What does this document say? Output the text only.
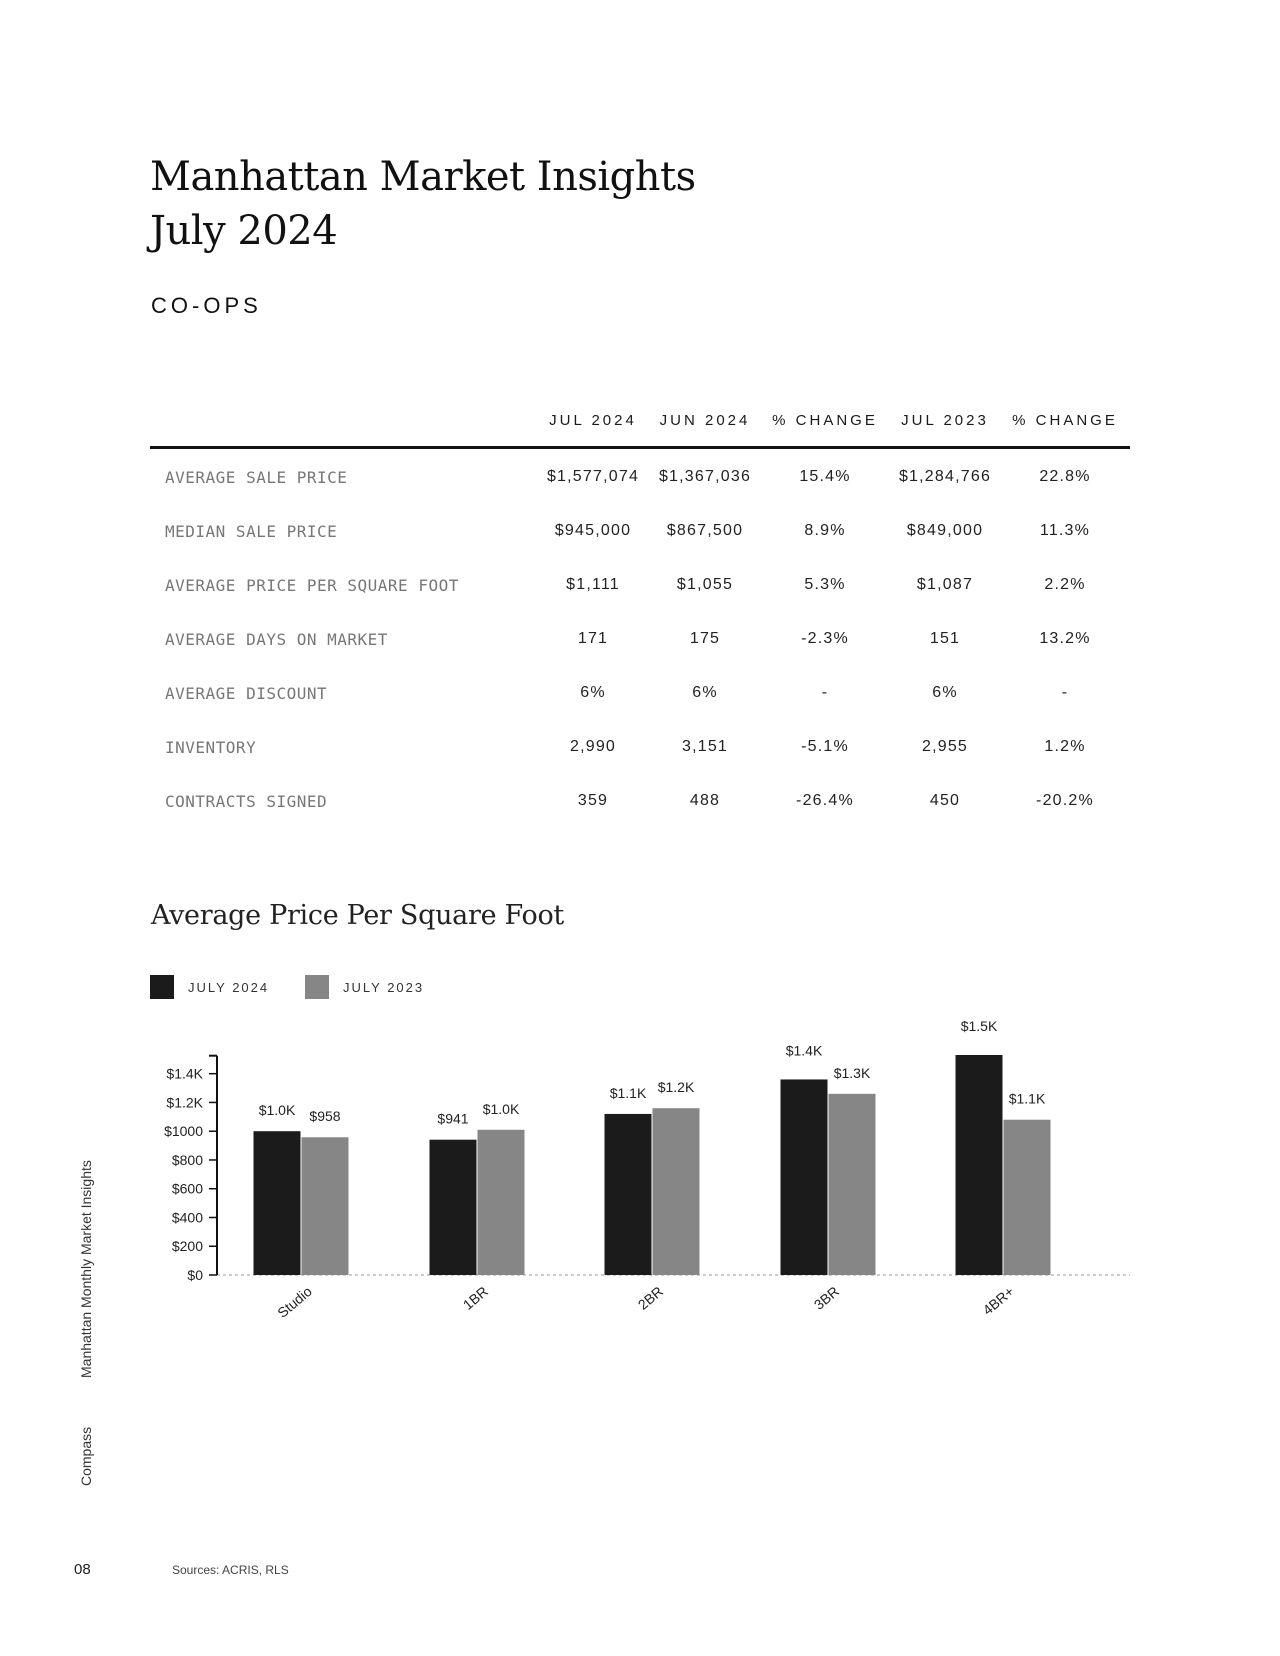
Manhattan Market Insights
July 2024
CO-OPS
JUL 2024 JUN 2024 % CHANGE JUL 2023 % CHANGE
AVERAGE SALE PRICE	$1,577,074 $1,367,036	15.4%	$1,284,766	22.8%
MEDIAN SALE PRICE	$945,000 $867,500	8.9%	$849,000	11.3%
AVERAGE PRICE PER SQUARE FOOT	$1,111	$1,055	5.3%	$1,087	2.2%
AVERAGE DAYS ON MARKET	171	175	-2.3%	151	13.2%
AVERAGE DISCOUNT	6%	6%	-	6%	-
INVENTORY	2,990	3,151	-5.1%	2,955	1.2%
CONTRACTS SIGNED	359	488	-26.4%	450	-20.2%
Average Price Per Square Foot
JULY 2024	JULY 2023
$0
$200
$400
$600
$800
$1000
$1.2K
$1.4K
$1.0K $958
Studio
$941
$1.0K
1BR
$1.1K $1.2K
2BR
$1.4K
$1.3K
3BR
$1.5K
$1.1K
4BR+
Manhattan Monthly Market Insights
Compass
08	Sources: ACRIS, RLS
